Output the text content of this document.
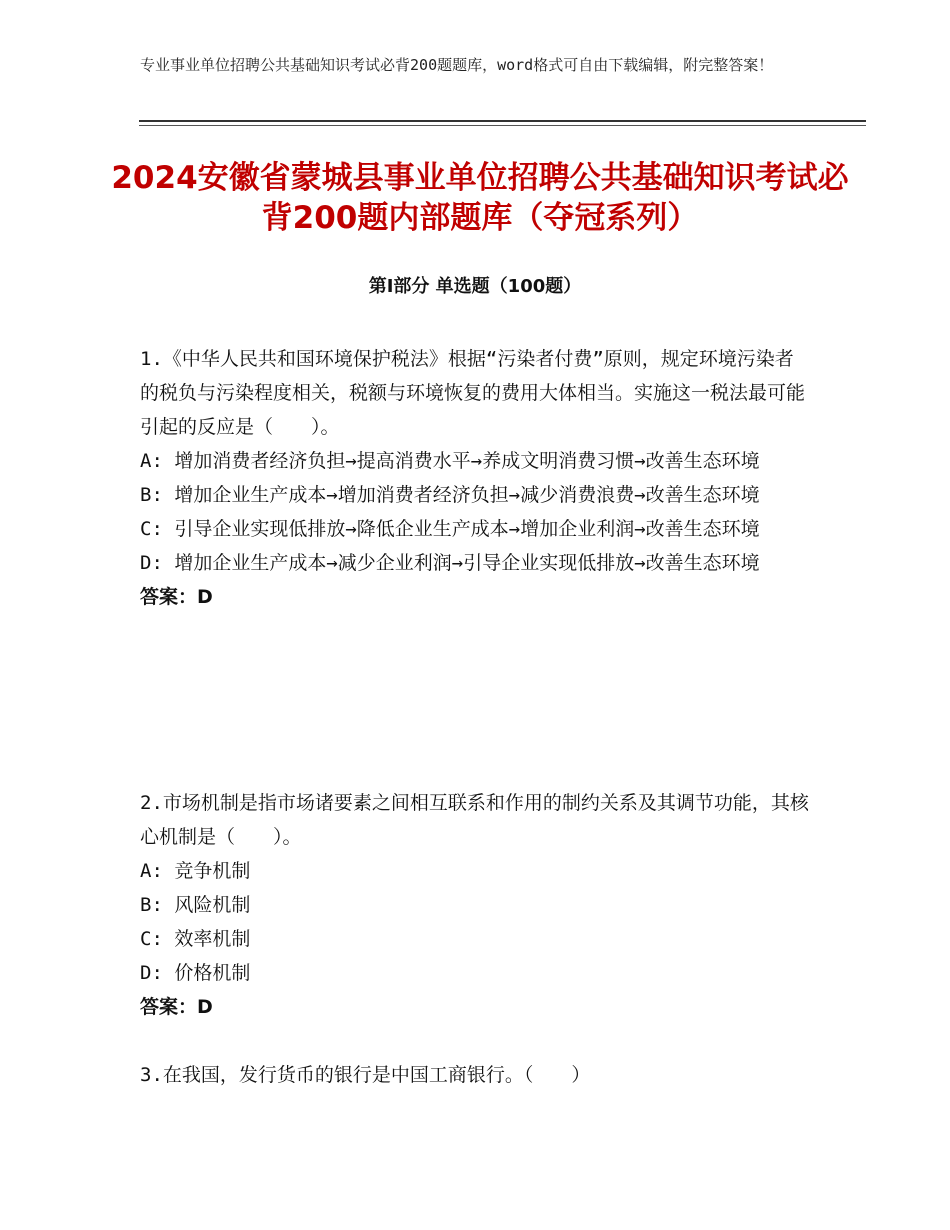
专业事业单位招聘公共基础知识考试必背200题题库，word格式可自由下载编辑，附完整答案！
2024安徽省蒙城县事业单位招聘公共基础知识考试必背200题内部题库（夺冠系列）
第I部分 单选题（100题）

1.《中华人民共和国环境保护税法》根据“污染者付费”原则，规定环境污染者的税负与污染程度相关，税额与环境恢复的费用大体相当。实施这一税法最可能引起的反应是（　　）。

A: 增加消费者经济负担→提高消费水平→养成文明消费习惯→改善生态环境

B: 增加企业生产成本→增加消费者经济负担→减少消费浪费→改善生态环境

C: 引导企业实现低排放→降低企业生产成本→增加企业利润→改善生态环境

D: 增加企业生产成本→减少企业利润→引导企业实现低排放→改善生态环境

答案：D

2.市场机制是指市场诸要素之间相互联系和作用的制约关系及其调节功能，其核心机制是（　　）。

A: 竞争机制

B: 风险机制

C: 效率机制

D: 价格机制

答案：D

3.在我国，发行货币的银行是中国工商银行。（　　）
